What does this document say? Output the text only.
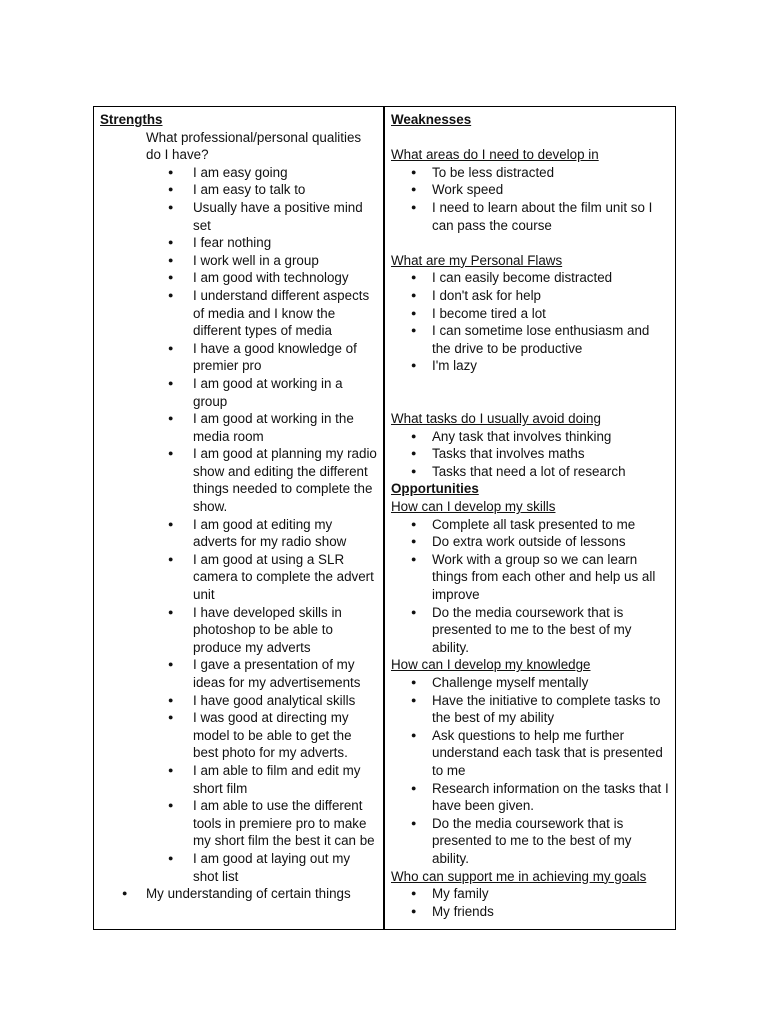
Strengths
What professional/personal qualities do I have?
● I am easy going
● I am easy to talk to
● Usually have a positive mind set
● I fear nothing
● I work well in a group
● I am good with technology
● I understand different aspects of media and I know the different types of media
● I have a good knowledge of premier pro
● I am good at working in a group
● I am good at working in the media room
● I am good at planning my radio show and editing the different things needed to complete the show.
● I am good at editing my adverts for my radio show
● I am good at using a SLR camera to complete the advert unit
● I have developed skills in photoshop to be able to produce my adverts
● I gave a presentation of my ideas for my advertisements
● I have good analytical skills
● I was good at directing my model to be able to get the best photo for my adverts.
● I am able to film and edit my short film
● I am able to use the different tools in premiere pro to make my short film the best it can be
● I am good at laying out my shot list
● My understanding of certain things
Weaknesses
What areas do I need to develop in
● To be less distracted
● Work speed
● I need to learn about the film unit so I can pass the course
What are my Personal Flaws
● I can easily become distracted
● I don't ask for help
● I become tired a lot
● I can sometime lose enthusiasm and the drive to be productive
● I'm lazy
What tasks do I usually avoid doing
● Any task that involves thinking
● Tasks that involves maths
● Tasks that need a lot of research
Opportunities
How can I develop my skills
● Complete all task presented to me
● Do extra work outside of lessons
● Work with a group so we can learn things from each other and help us all improve
● Do the media coursework that is presented to me to the best of my ability.
How can I develop my knowledge
● Challenge myself mentally
● Have the initiative to complete tasks to the best of my ability
● Ask questions to help me further understand each task that is presented to me
● Research information on the tasks that I have been given.
● Do the media coursework that is presented to me to the best of my ability.
Who can support me in achieving my goals
● My family
● My friends
